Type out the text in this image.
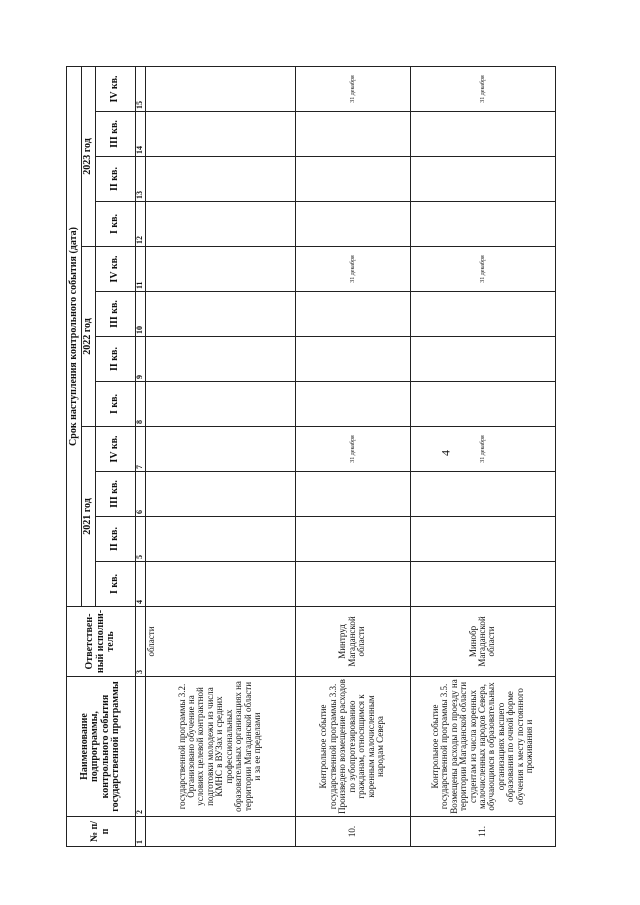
4
№ п/п	Наименование подпрограммы, контрольного события государственной программы	Ответствен- ный исполни- тель	Срок наступления контрольного события (дата)											
			2021 год				2022 год				2023 год			
			I кв.	II кв.	III кв.	IV кв.	I кв.	II кв.	III кв.	IV кв.	I кв.	II кв.	III кв.	IV кв.
1	2	3	4	5	6	7	8	9	10	11	12	13	14	15
	государственной программы 3.2. Организовано обучение на условиях целевой контрактной подготовки молодежи из числа КМНС в ВУЗах и средних профессиональных образовательных организациях на территории Магаданской области и за ее пределами	области												
10.	Контрольное событие государственной программы 3.3. Произведено возмещение расходов по зубопротезированию гражданам, относящимся к коренным малочисленным народам Севера	Минтруд Магаданской области				31 декабря				31 декабря				31 декабря
11.	Контрольное событие государственной программы 3.5. Возмещены расходы по проезду на территории Магаданской области студентам из числа коренных малочисленных народов Севера, обучающимся в образовательных организациях высшего образования по очной форме обучения к месту постоянного проживания и	Минобр Магаданской области				31 декабря				31 декабря				31 декабря
